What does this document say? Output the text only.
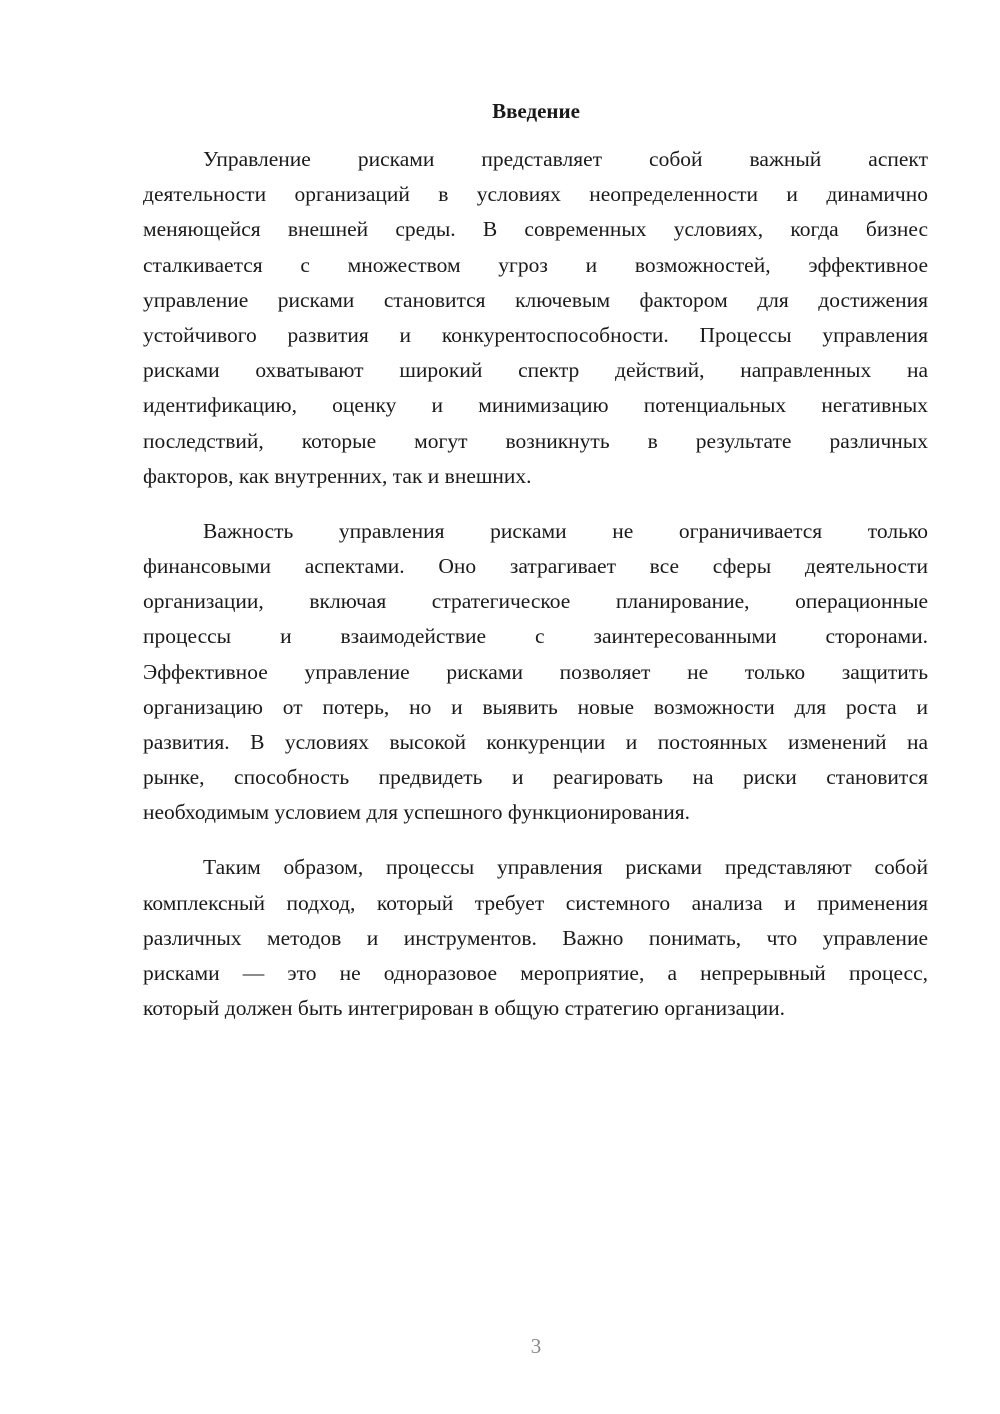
Введение
Управление рисками представляет собой важный аспект
деятельности организаций в условиях неопределенности и динамично
меняющейся внешней среды. В современных условиях, когда бизнес
сталкивается с множеством угроз и возможностей, эффективное
управление рисками становится ключевым фактором для достижения
устойчивого развития и конкурентоспособности. Процессы управления
рисками охватывают широкий спектр действий, направленных на
идентификацию, оценку и минимизацию потенциальных негативных
последствий, которые могут возникнуть в результате различных
факторов, как внутренних, так и внешних.
Важность управления рисками не ограничивается только
финансовыми аспектами. Оно затрагивает все сферы деятельности
организации, включая стратегическое планирование, операционные
процессы и взаимодействие с заинтересованными сторонами.
Эффективное управление рисками позволяет не только защитить
организацию от потерь, но и выявить новые возможности для роста и
развития. В условиях высокой конкуренции и постоянных изменений на
рынке, способность предвидеть и реагировать на риски становится
необходимым условием для успешного функционирования.
Таким образом, процессы управления рисками представляют собой
комплексный подход, который требует системного анализа и применения
различных методов и инструментов. Важно понимать, что управление
рисками — это не одноразовое мероприятие, а непрерывный процесс,
который должен быть интегрирован в общую стратегию организации.
3
